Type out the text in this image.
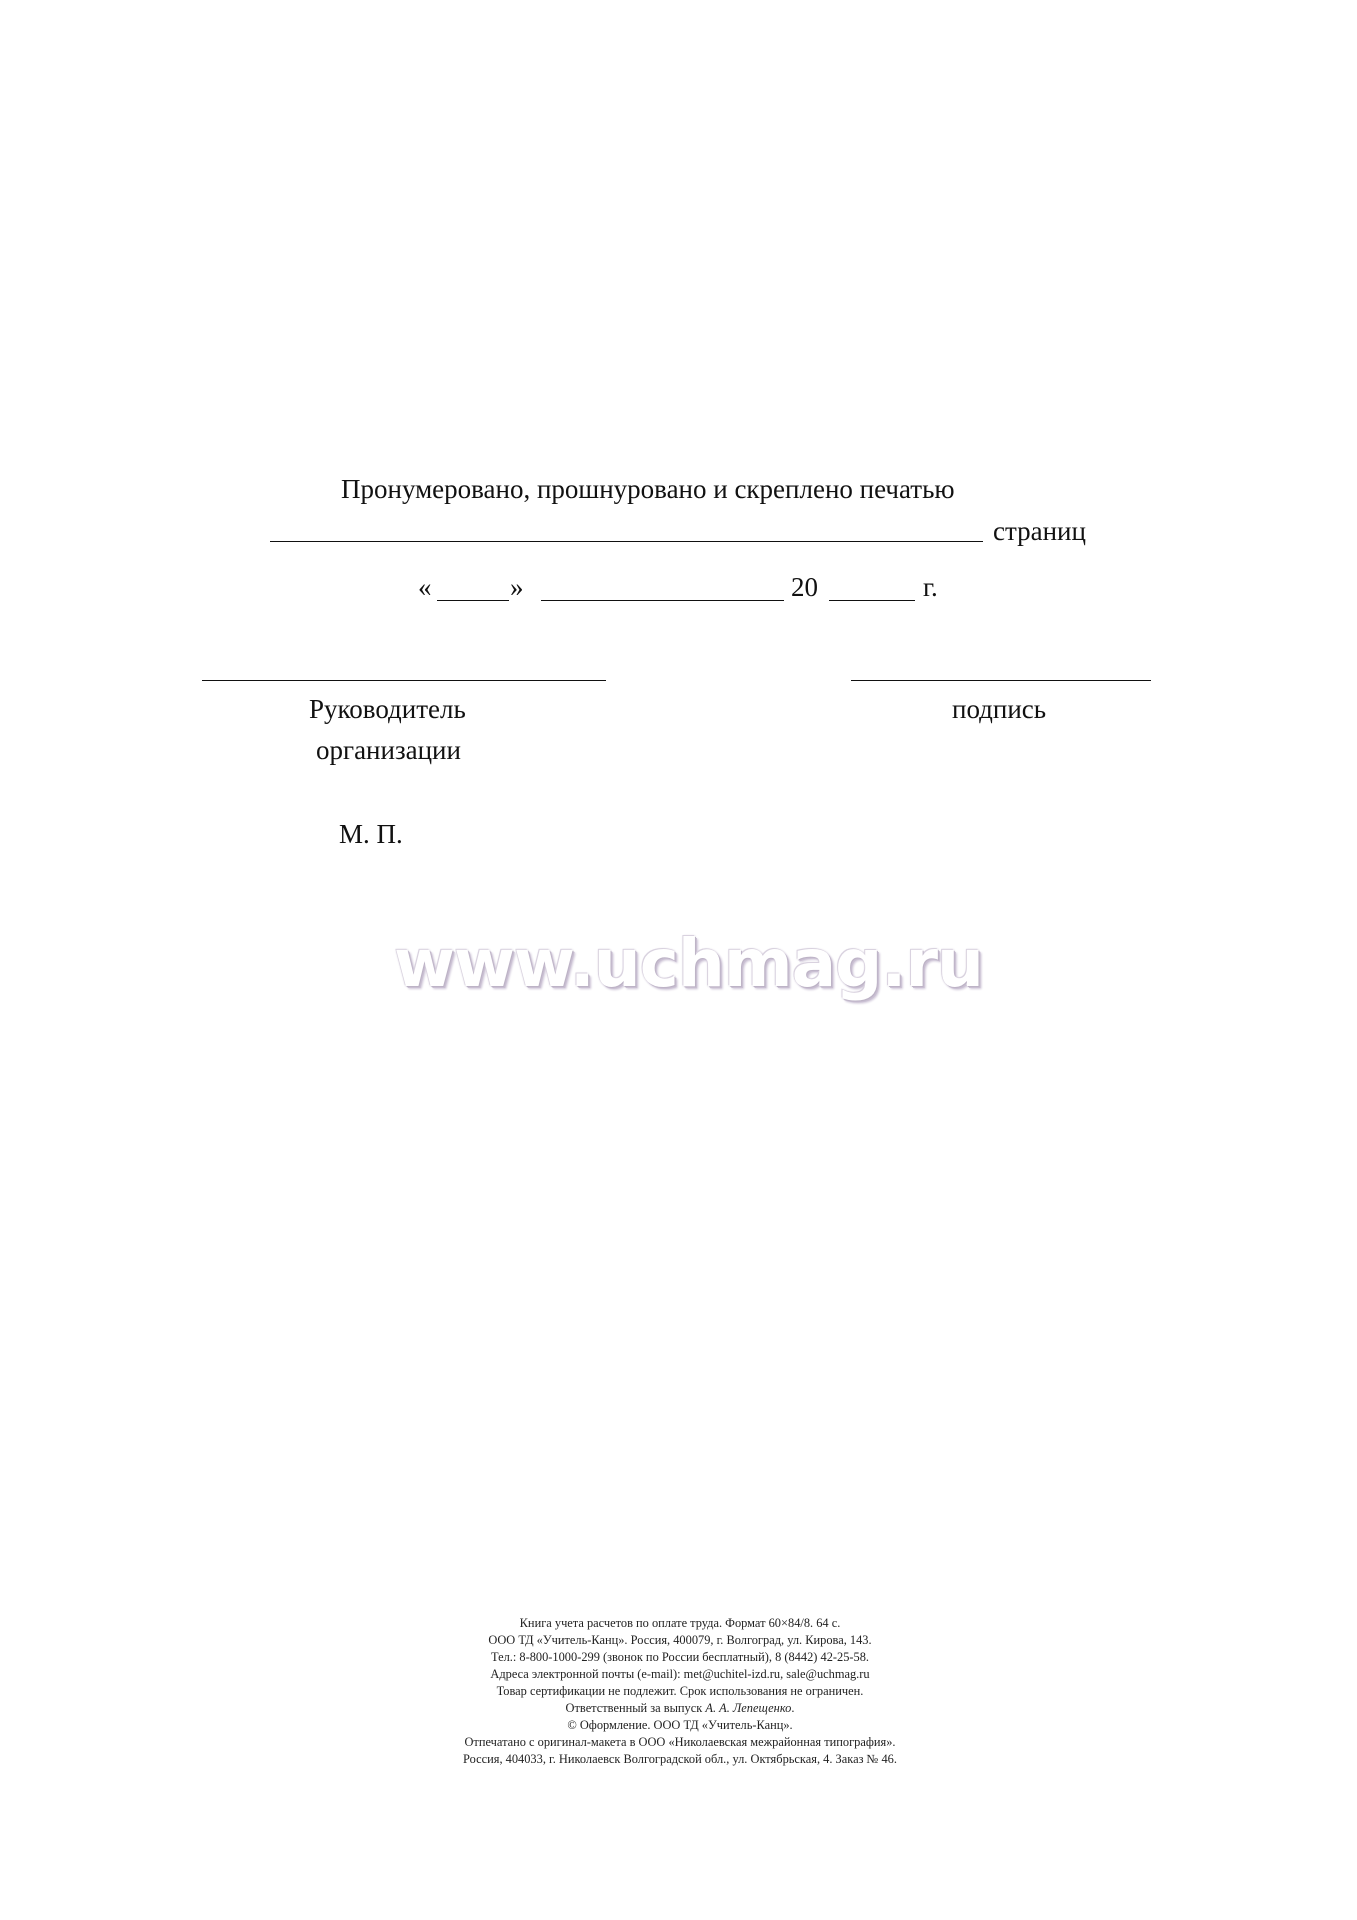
Пронумеровано, прошнуровано и скреплено печатью
страниц
«	»	20	г.
Руководитель
организации
подпись
М. П.
www.uchmag.ru
Книга учета расчетов по оплате труда. Формат 60×84/8. 64 с.
ООО ТД «Учитель-Канц». Россия, 400079, г. Волгоград, ул. Кирова, 143.
Тел.: 8-800-1000-299 (звонок по России бесплатный), 8 (8442) 42-25-58.
Адреса электронной почты (e-mail): met@uchitel-izd.ru, sale@uchmag.ru
Товар сертификации не подлежит. Срок использования не ограничен.
Ответственный за выпуск А. А. Лепещенко.
© Оформление. ООО ТД «Учитель-Канц».
Отпечатано с оригинал-макета в ООО «Николаевская межрайонная типография».
Россия, 404033, г. Николаевск Волгоградской обл., ул. Октябрьская, 4. Заказ № 46.
